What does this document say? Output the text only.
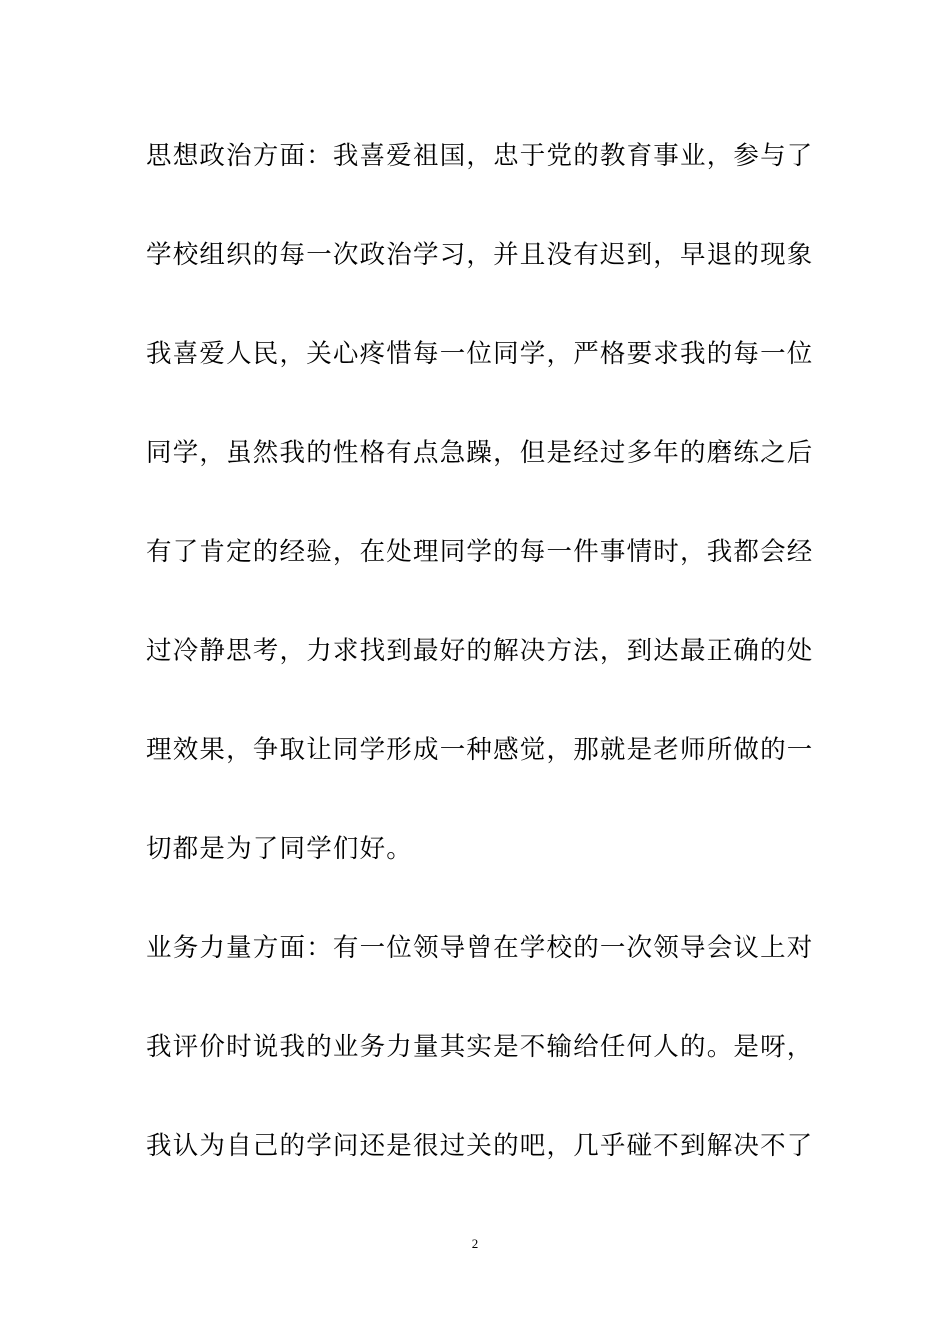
思想政治方面：我喜爱祖国，忠于党的教育事业，参与了
学校组织的每一次政治学习，并且没有迟到，早退的现象
我喜爱人民，关心疼惜每一位同学，严格要求我的每一位
同学，虽然我的性格有点急躁，但是经过多年的磨练之后
有了肯定的经验，在处理同学的每一件事情时，我都会经
过冷静思考，力求找到最好的解决方法，到达最正确的处
理效果，争取让同学形成一种感觉，那就是老师所做的一
切都是为了同学们好。
业务力量方面：有一位领导曾在学校的一次领导会议上对
我评价时说我的业务力量其实是不输给任何人的。是呀，
我认为自己的学问还是很过关的吧，几乎碰不到解决不了
2
